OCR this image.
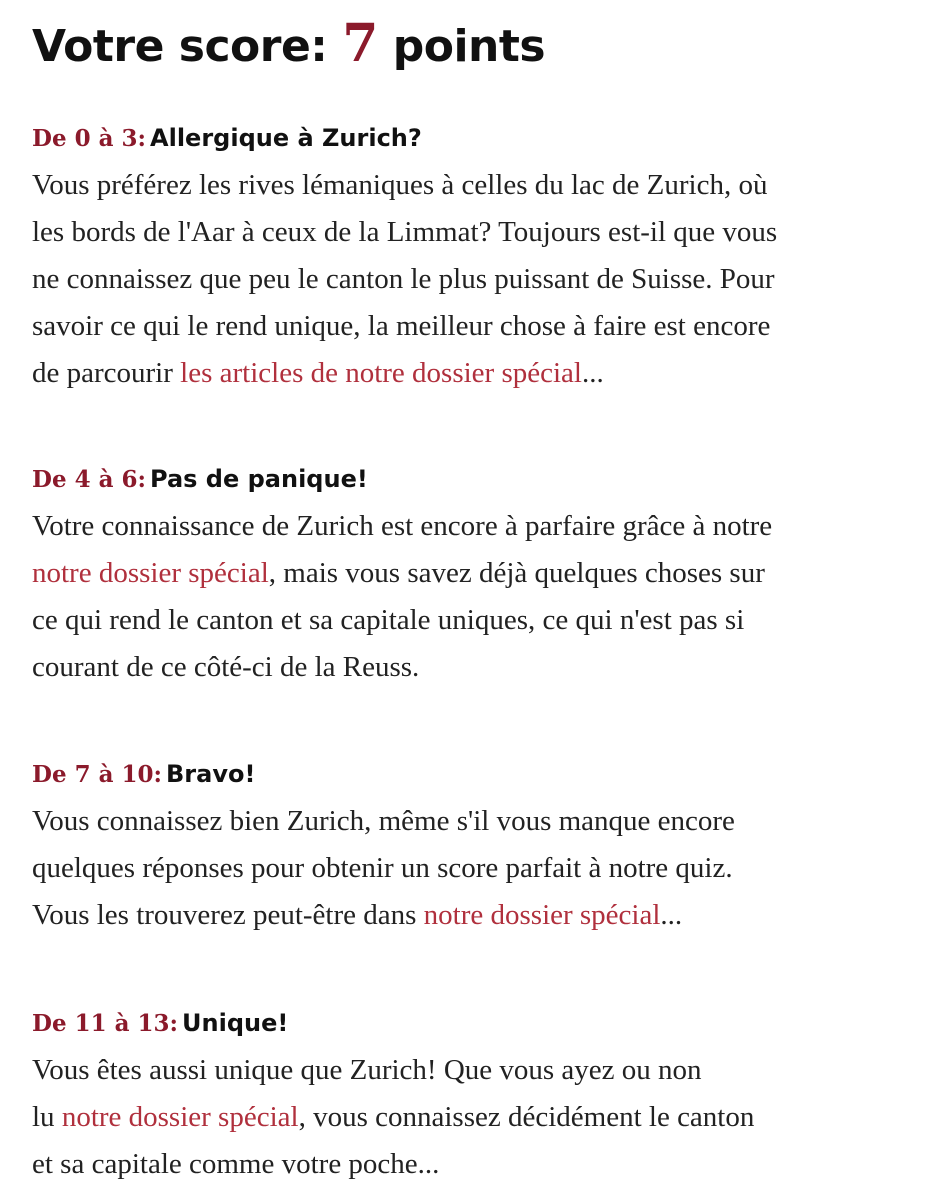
Votre score: 7 points

De 0 à 3: Allergique à Zurich?

Vous préférez les rives lémaniques à celles du lac de Zurich, où
les bords de l'Aar à ceux de la Limmat? Toujours est-il que vous
ne connaissez que peu le canton le plus puissant de Suisse. Pour
savoir ce qui le rend unique, la meilleur chose à faire est encore
de parcourir les articles de notre dossier spécial...

De 4 à 6: Pas de panique!

Votre connaissance de Zurich est encore à parfaire grâce à notre
notre dossier spécial, mais vous savez déjà quelques choses sur
ce qui rend le canton et sa capitale uniques, ce qui n'est pas si
courant de ce côté-ci de la Reuss.

De 7 à 10: Bravo!

Vous connaissez bien Zurich, même s'il vous manque encore
quelques réponses pour obtenir un score parfait à notre quiz.
Vous les trouverez peut-être dans notre dossier spécial...

De 11 à 13: Unique!

Vous êtes aussi unique que Zurich! Que vous ayez ou non
lu notre dossier spécial, vous connaissez décidément le canton
et sa capitale comme votre poche...
